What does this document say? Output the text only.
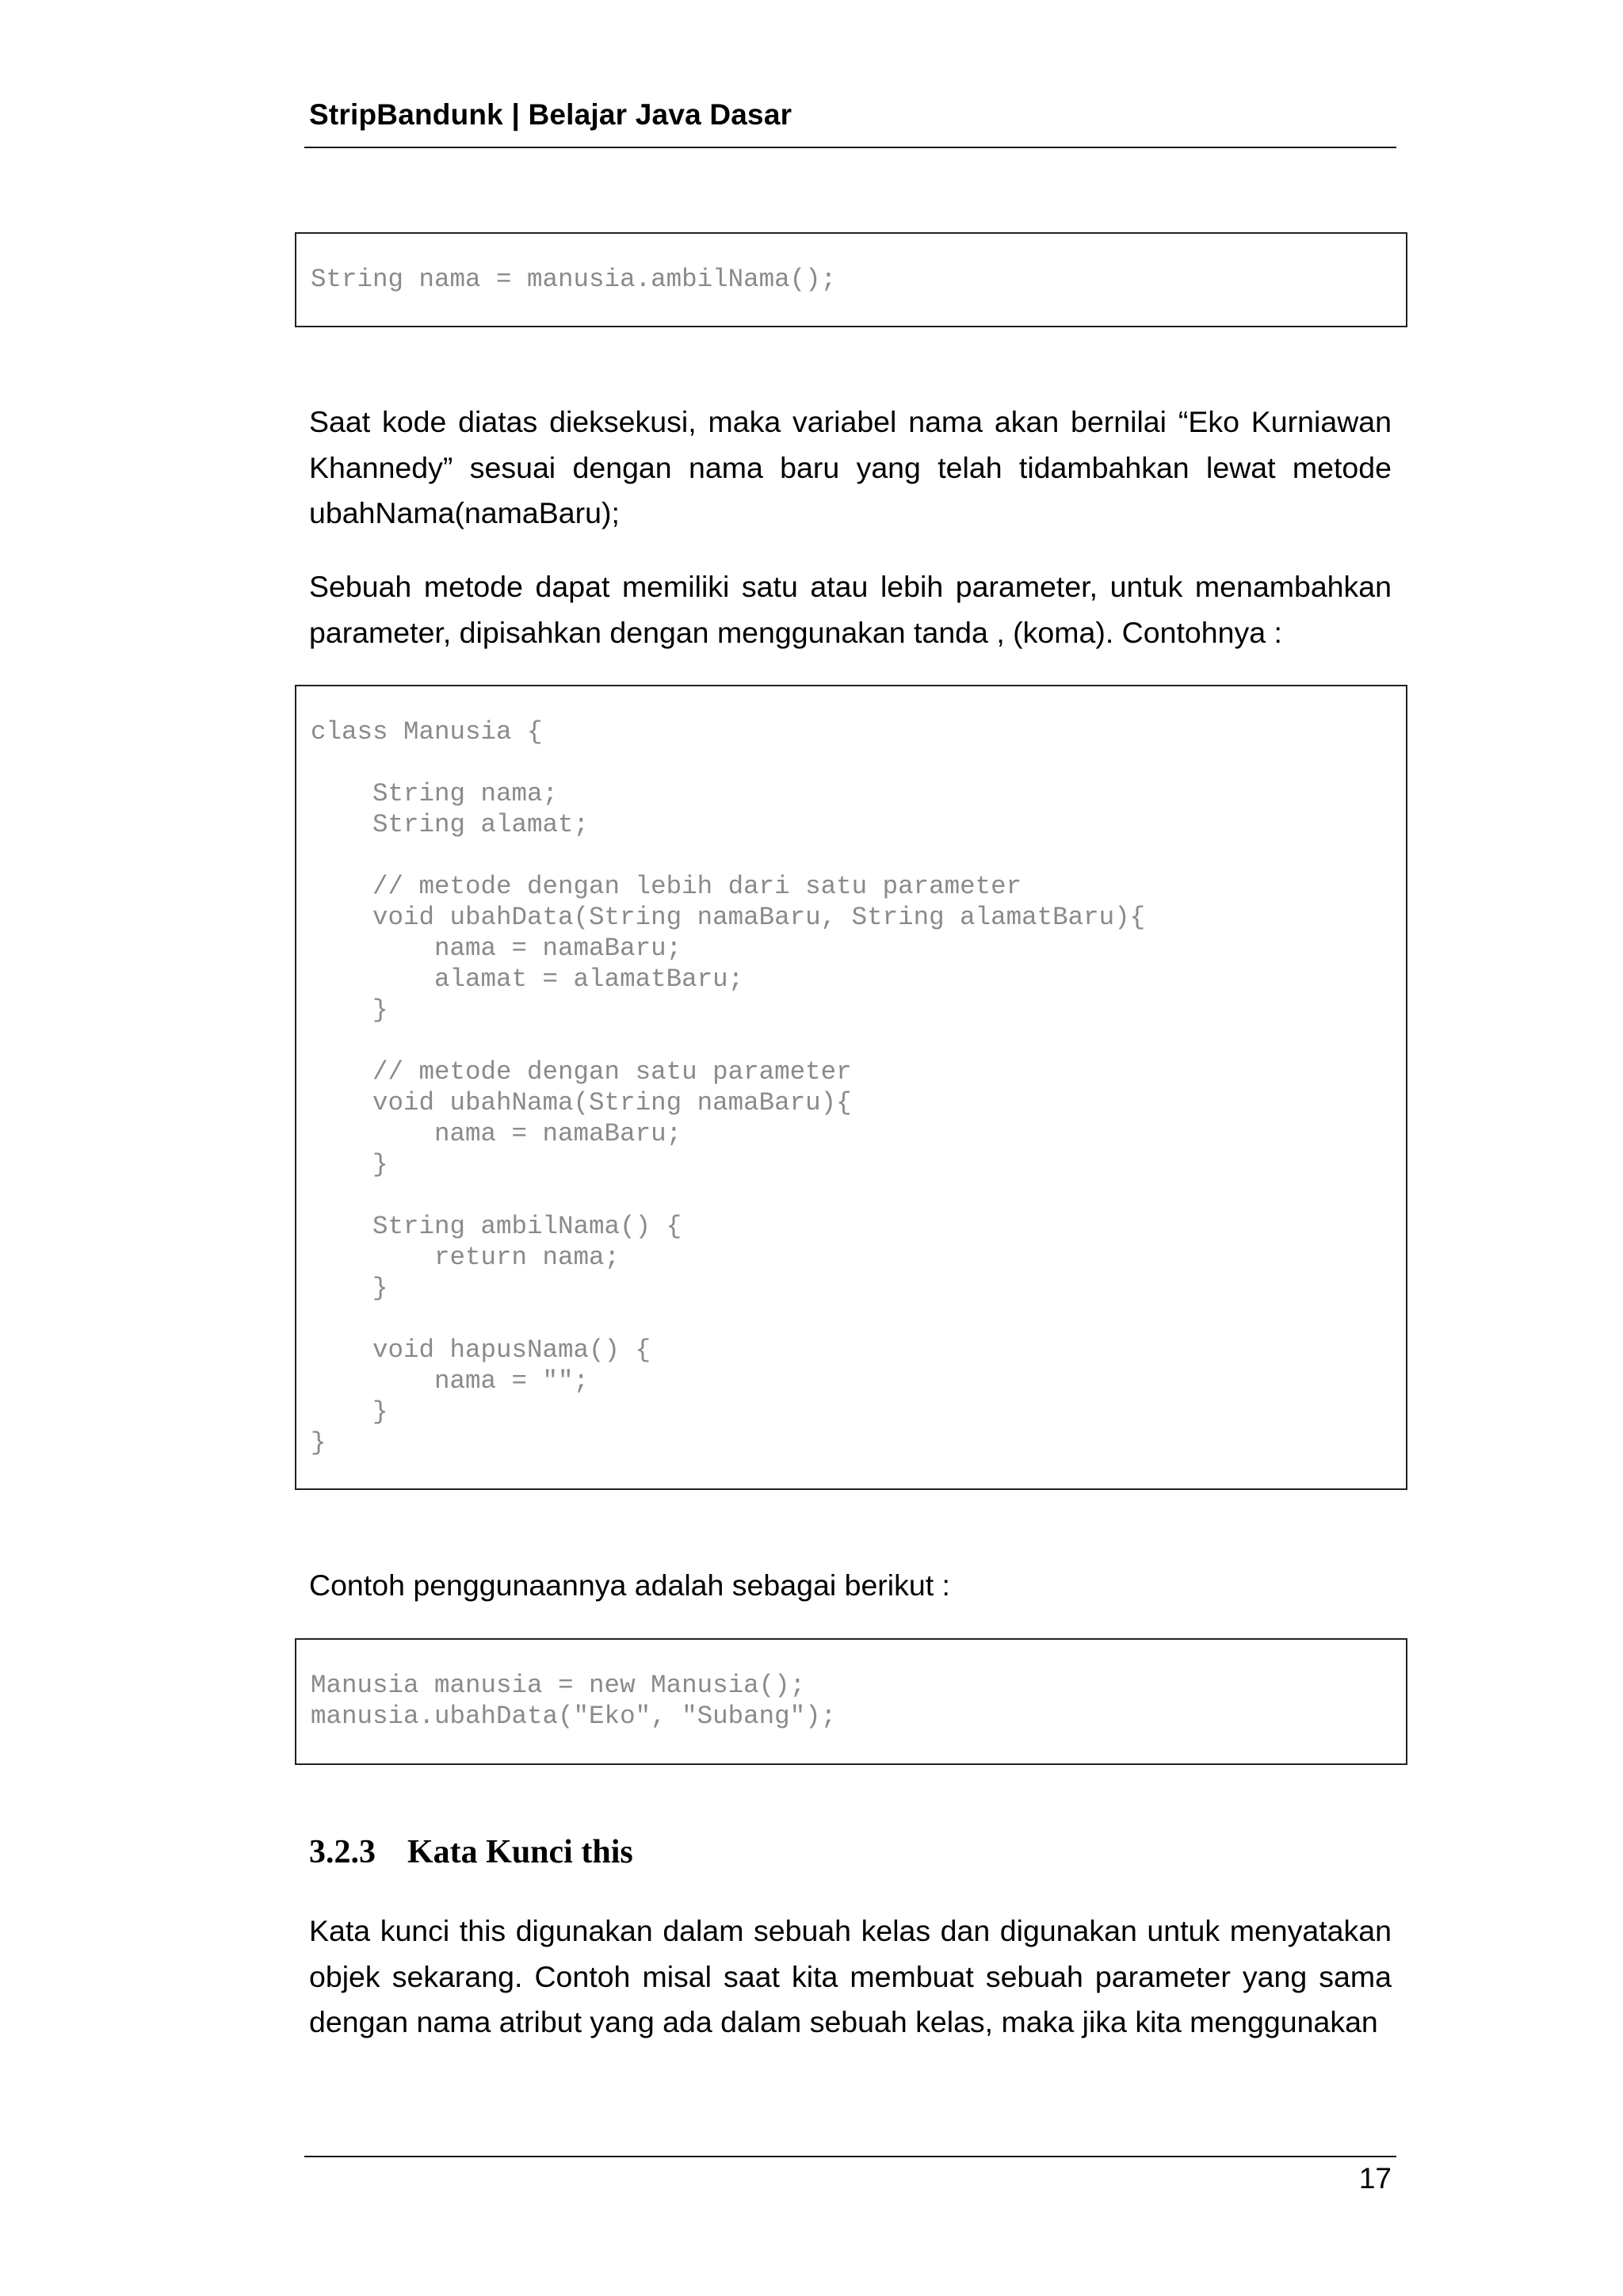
StripBandunk | Belajar Java Dasar
String nama = manusia.ambilNama();

Saat kode diatas dieksekusi, maka variabel nama akan bernilai “Eko Kurniawan Khannedy” sesuai dengan nama baru yang telah tidambahkan lewat metode ubahNama(namaBaru);

Sebuah metode dapat memiliki satu atau lebih parameter, untuk menambahkan parameter, dipisahkan dengan menggunakan tanda , (koma). Contohnya :

class Manusia {

String nama;
String alamat;

// metode dengan lebih dari satu parameter
void ubahData(String namaBaru, String alamatBaru){
nama = namaBaru;
alamat = alamatBaru;
}

// metode dengan satu parameter
void ubahNama(String namaBaru){
nama = namaBaru;
}

String ambilNama() {
return nama;
}

void hapusNama() {
nama = "";
}
}

Contoh penggunaannya adalah sebagai berikut :

Manusia manusia = new Manusia();
manusia.ubahData("Eko", "Subang");
3.2.3 Kata Kunci this

Kata kunci this digunakan dalam sebuah kelas dan digunakan untuk menyatakan objek sekarang. Contoh misal saat kita membuat sebuah parameter yang sama dengan nama atribut yang ada dalam sebuah kelas, maka jika kita menggunakan

17
